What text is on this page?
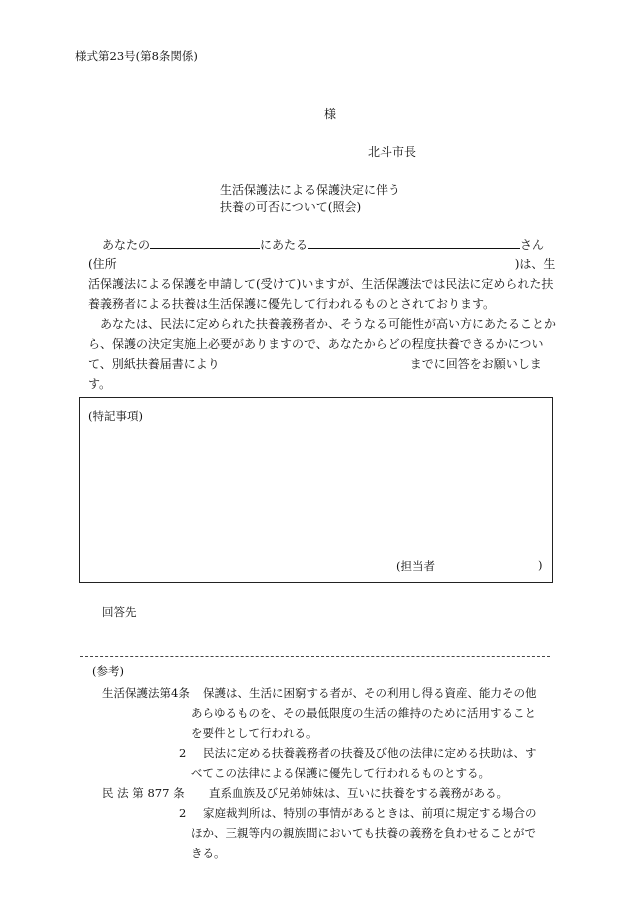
様式第23号(第8条関係)
様
北斗市長
生活保護法による保護決定に伴う
扶養の可否について(照会)
あなたの	にあたる	さん
(住所	)は、生
活保護法による保護を申請して(受けて)いますが、生活保護法では民法に定められた扶
養義務者による扶養は生活保護に優先して行われるものとされております。
あなたは、民法に定められた扶養義務者か、そうなる可能性が高い方にあたることか
ら、保護の決定実施上必要がありますので、あなたからどの程度扶養できるかについ
て、別紙扶養届書により	までに回答をお願いしま
す。
(特記事項)
(担当者	)
回答先
(参考)
生活保護法第4条 保護は、生活に困窮する者が、その利用し得る資産、能力その他
あらゆるものを、その最低限度の生活の維持のために活用すること
を要件として行われる。
2 民法に定める扶養義務者の扶養及び他の法律に定める扶助は、す
べてこの法律による保護に優先して行われるものとする。
民 法 第 877 条 直系血族及び兄弟姉妹は、互いに扶養をする義務がある。
2 家庭裁判所は、特別の事情があるときは、前項に規定する場合の
ほか、三親等内の親族間においても扶養の義務を負わせることがで
きる。
